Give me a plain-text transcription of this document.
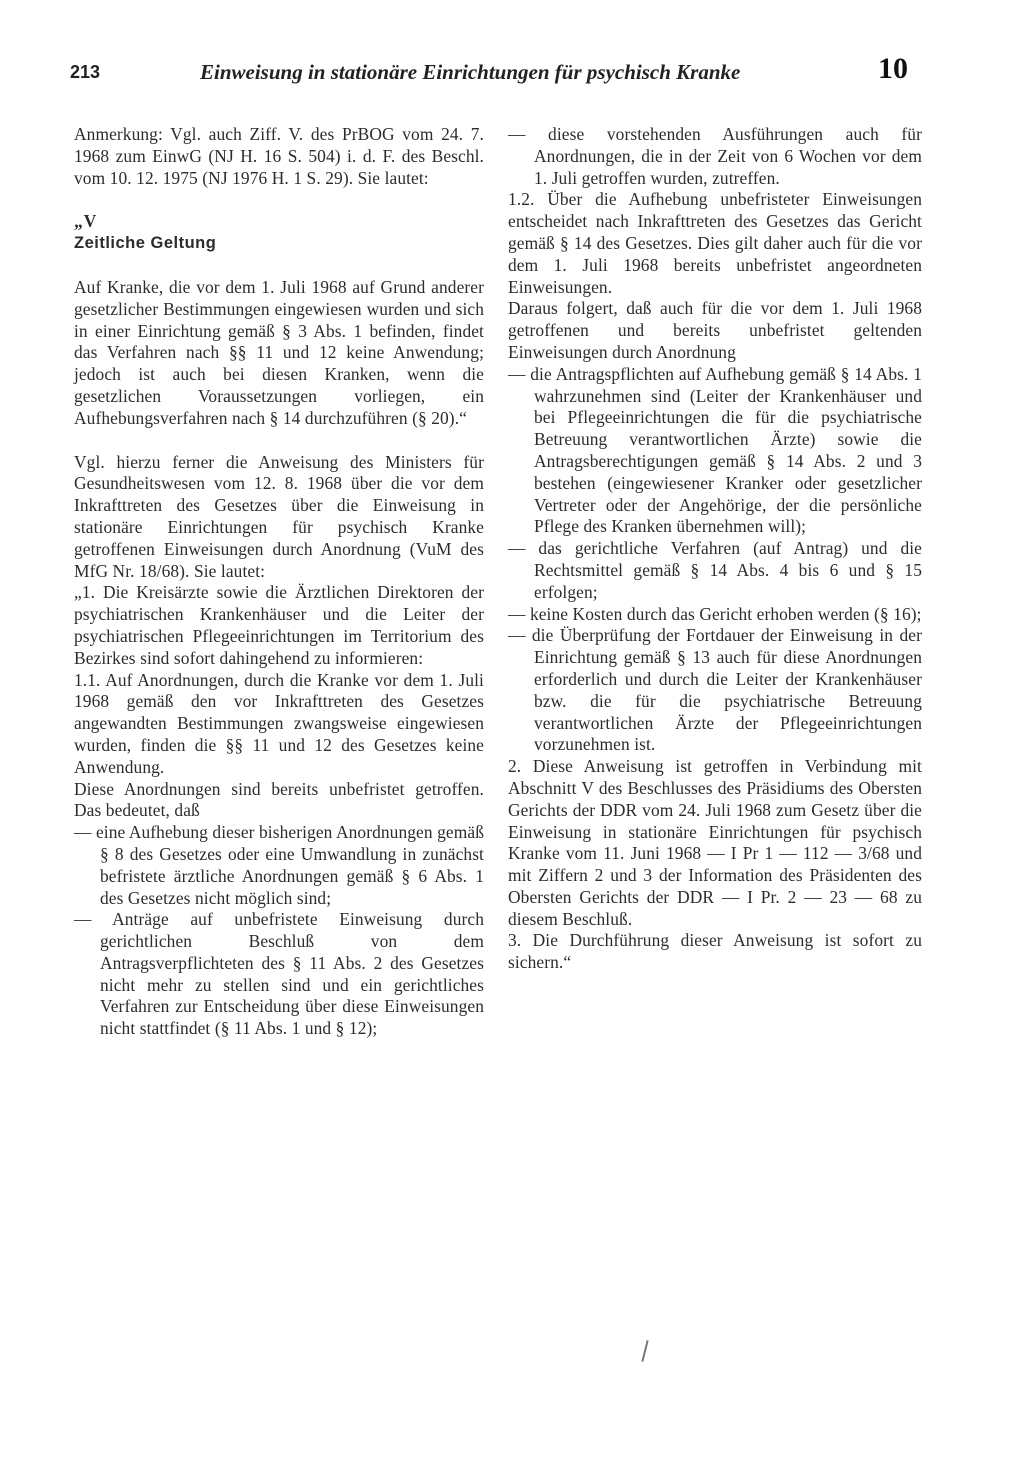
213	Einweisung in stationäre Einrichtungen für psychisch Kranke	10

Anmerkung: Vgl. auch Ziff. V. des PrBOG vom 24. 7. 1968 zum EinwG (NJ H. 16 S. 504) i. d. F. des Beschl. vom 10. 12. 1975 (NJ 1976 H. 1 S. 29). Sie lautet:

„V

Zeitliche Geltung

Auf Kranke, die vor dem 1. Juli 1968 auf Grund anderer gesetzlicher Bestimmungen eingewiesen wurden und sich in einer Einrichtung gemäß § 3 Abs. 1 befinden, findet das Verfahren nach §§ 11 und 12 keine Anwendung; jedoch ist auch bei diesen Kranken, wenn die gesetzlichen Voraussetzungen vorliegen, ein Aufhebungsverfahren nach § 14 durchzuführen (§ 20).“

Vgl. hierzu ferner die Anweisung des Ministers für Gesundheitswesen vom 12. 8. 1968 über die vor dem Inkrafttreten des Gesetzes über die Einweisung in stationäre Einrichtungen für psychisch Kranke getroffenen Einweisungen durch Anordnung (VuM des MfG Nr. 18/68). Sie lautet:

„1. Die Kreisärzte sowie die Ärztlichen Direktoren der psychiatrischen Krankenhäuser und die Leiter der psychiatrischen Pflegeeinrichtungen im Territorium des Bezirkes sind sofort dahingehend zu informieren:

1.1. Auf Anordnungen, durch die Kranke vor dem 1. Juli 1968 gemäß den vor Inkrafttreten des Gesetzes angewandten Bestimmungen zwangsweise eingewiesen wurden, finden die §§ 11 und 12 des Gesetzes keine Anwendung.

Diese Anordnungen sind bereits unbefristet getroffen. Das bedeutet, daß

— eine Aufhebung dieser bisherigen Anordnungen gemäß § 8 des Gesetzes oder eine Umwandlung in zunächst befristete ärztliche Anordnungen gemäß § 6 Abs. 1 des Gesetzes nicht möglich sind;

— Anträge auf unbefristete Einweisung durch gerichtlichen Beschluß von dem Antragsverpflichteten des § 11 Abs. 2 des Gesetzes nicht mehr zu stellen sind und ein gerichtliches Verfahren zur Entscheidung über diese Einweisungen nicht stattfindet (§ 11 Abs. 1 und § 12);

— diese vorstehenden Ausführungen auch für Anordnungen, die in der Zeit von 6 Wochen vor dem 1. Juli getroffen wurden, zutreffen.

1.2. Über die Aufhebung unbefristeter Einweisungen entscheidet nach Inkrafttreten des Gesetzes das Gericht gemäß § 14 des Gesetzes. Dies gilt daher auch für die vor dem 1. Juli 1968 bereits unbefristet angeordneten Einweisungen.

Daraus folgert, daß auch für die vor dem 1. Juli 1968 getroffenen und bereits unbefristet geltenden Einweisungen durch Anordnung

— die Antragspflichten auf Aufhebung gemäß § 14 Abs. 1 wahrzunehmen sind (Leiter der Krankenhäuser und bei Pflegeeinrichtungen die für die psychiatrische Betreuung verantwortlichen Ärzte) sowie die Antragsberechtigungen gemäß § 14 Abs. 2 und 3 bestehen (eingewiesener Kranker oder gesetzlicher Vertreter oder der Angehörige, der die persönliche Pflege des Kranken übernehmen will);

— das gerichtliche Verfahren (auf Antrag) und die Rechtsmittel gemäß § 14 Abs. 4 bis 6 und § 15 erfolgen;

— keine Kosten durch das Gericht erhoben werden (§ 16);

— die Überprüfung der Fortdauer der Einweisung in der Einrichtung gemäß § 13 auch für diese Anordnungen erforderlich und durch die Leiter der Krankenhäuser bzw. die für die psychiatrische Betreuung verantwortlichen Ärzte der Pflegeeinrichtungen vorzunehmen ist.

2. Diese Anweisung ist getroffen in Verbindung mit Abschnitt V des Beschlusses des Präsidiums des Obersten Gerichts der DDR vom 24. Juli 1968 zum Gesetz über die Einweisung in stationäre Einrichtungen für psychisch Kranke vom 11. Juni 1968 — I Pr 1 — 112 — 3/68 und mit Ziffern 2 und 3 der Information des Präsidenten des Obersten Gerichts der DDR — I Pr. 2 — 23 — 68 zu diesem Beschluß.

3. Die Durchführung dieser Anweisung ist sofort zu sichern.“
